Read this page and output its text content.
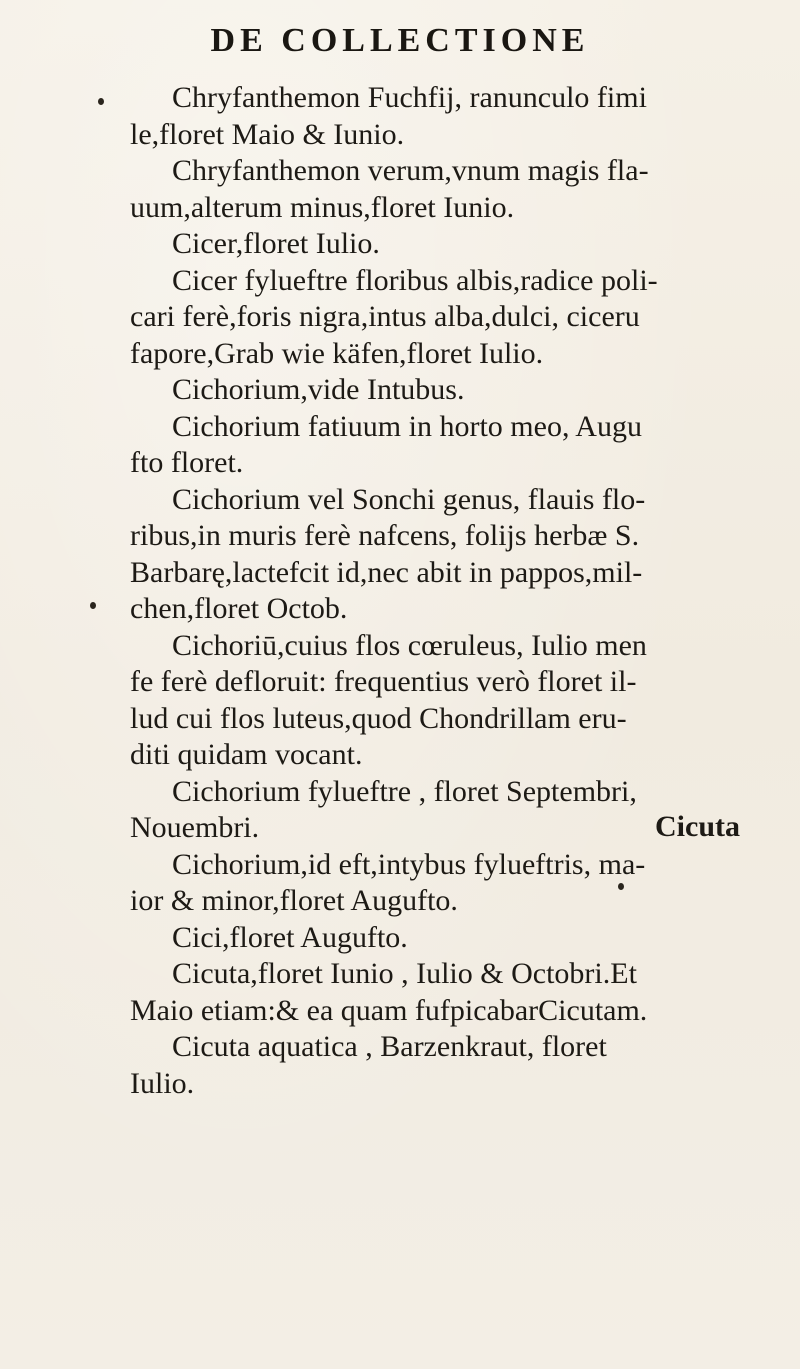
DE COLLECTIONE
Chryfanthemon Fuchfij, ranunculo fimi
le,floret Maio & Iunio.
Chryfanthemon verum,vnum magis fla-
uum,alterum minus,floret Iunio.
Cicer,floret Iulio.
Cicer fylueftre floribus albis,radice poli-
cari ferè,foris nigra,intus alba,dulci, ciceru
fapore,Grab wie käfen,floret Iulio.
Cichorium,vide Intubus.
Cichorium fatiuum in horto meo, Augu
fto floret.
Cichorium vel Sonchi genus, flauis flo-
ribus,in muris ferè nafcens, folijs herbæ S.
Barbarę,lactefcit id,nec abit in pappos,mil-
chen,floret Octob.
Cichoriū,cuius flos cœruleus, Iulio men
fe ferè defloruit: frequentius verò floret il-
lud cui flos luteus,quod Chondrillam eru-
diti quidam vocant.
Cichorium fylueftre , floret Septembri,
Nouembri.
Cichorium,id eft,intybus fylueftris, ma-
ior & minor,floret Augufto.
Cici,floret Augufto.
Cicuta,floret Iunio , Iulio & Octobri.Et
Maio etiam:& ea quam fufpicabarCicutam.
Cicuta aquatica , Barzenkraut, floret
Iulio.
Cicuta
